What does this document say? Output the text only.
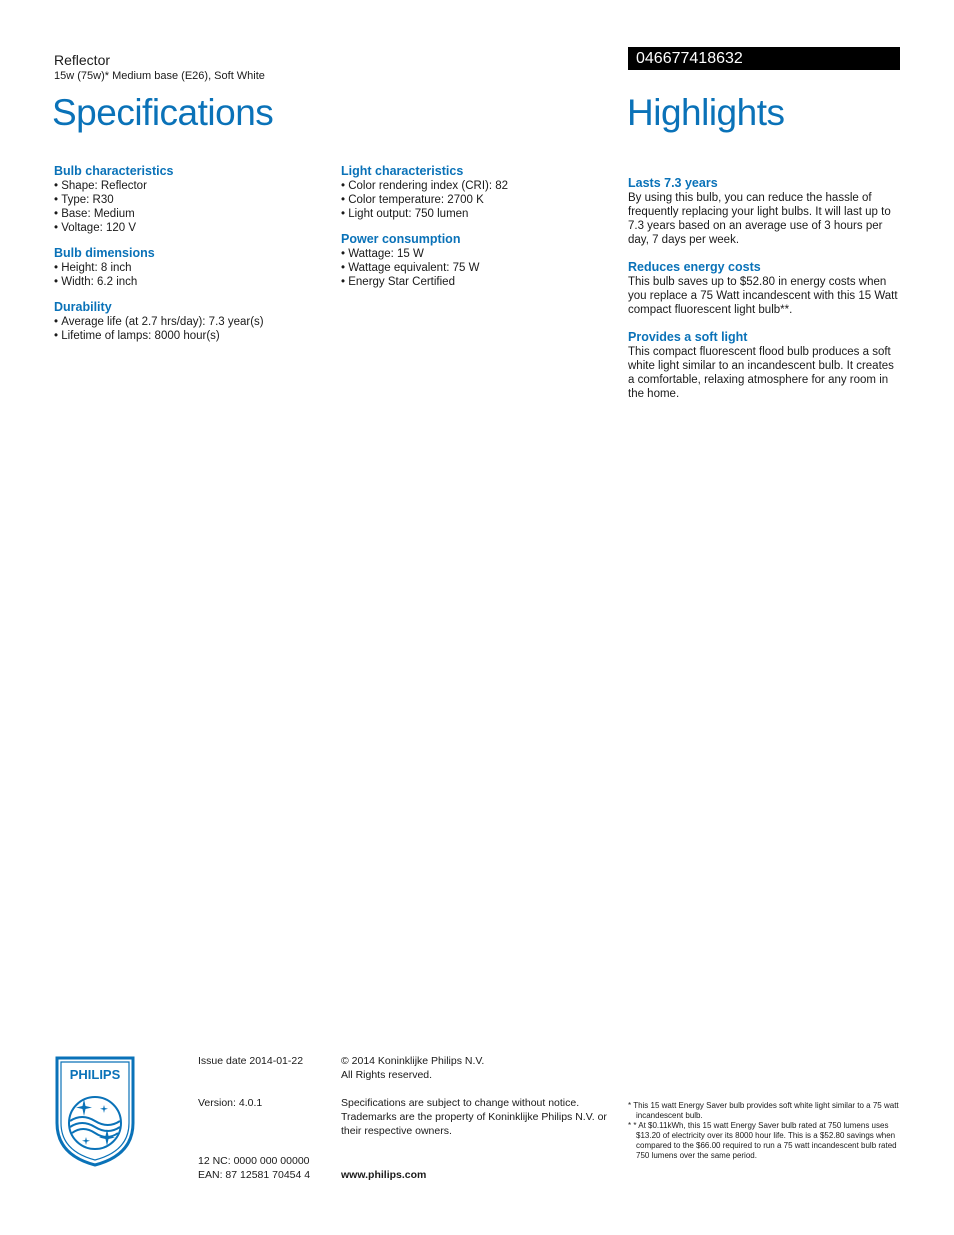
Reflector
15w (75w)* Medium base (E26), Soft White
046677418632
Specifications	Highlights
Bulb characteristics
• Shape: Reflector
• Type: R30
• Base: Medium
• Voltage: 120 V
Bulb dimensions
• Height: 8 inch
• Width: 6.2 inch
Durability
• Average life (at 2.7 hrs/day): 7.3 year(s)
• Lifetime of lamps: 8000 hour(s)
Light characteristics
• Color rendering index (CRI): 82
• Color temperature: 2700 K
• Light output: 750 lumen
Power consumption
• Wattage: 15 W
• Wattage equivalent: 75 W
• Energy Star Certified
Lasts 7.3 years

By using this bulb, you can reduce the hassle of frequently replacing your light bulbs. It will last up to 7.3 years based on an average use of 3 hours per day, 7 days per week.

Reduces energy costs

This bulb saves up to $52.80 in energy costs when you replace a 75 Watt incandescent with this 15 Watt compact fluorescent light bulb**.

Provides a soft light

This compact fluorescent flood bulb produces a soft white light similar to an incandescent bulb. It creates a comfortable, relaxing atmosphere for any room in the home.

PHILIPS
Issue date 2014-01-22
Version: 4.0.1
12 NC: 0000 000 00000
EAN: 87 12581 70454 4
© 2014 Koninklijke Philips N.V.
All Rights reserved.
Specifications are subject to change without notice. Trademarks are the property of Koninklijke Philips N.V. or their respective owners.
www.philips.com
* This 15 watt Energy Saver bulb provides soft white light similar to a 75 watt incandescent bulb.
* * At $0.11kWh, this 15 watt Energy Saver bulb rated at 750 lumens uses $13.20 of electricity over its 8000 hour life. This is a $52.80 savings when compared to the $66.00 required to run a 75 watt incandescent bulb rated 750 lumens over the same period.
